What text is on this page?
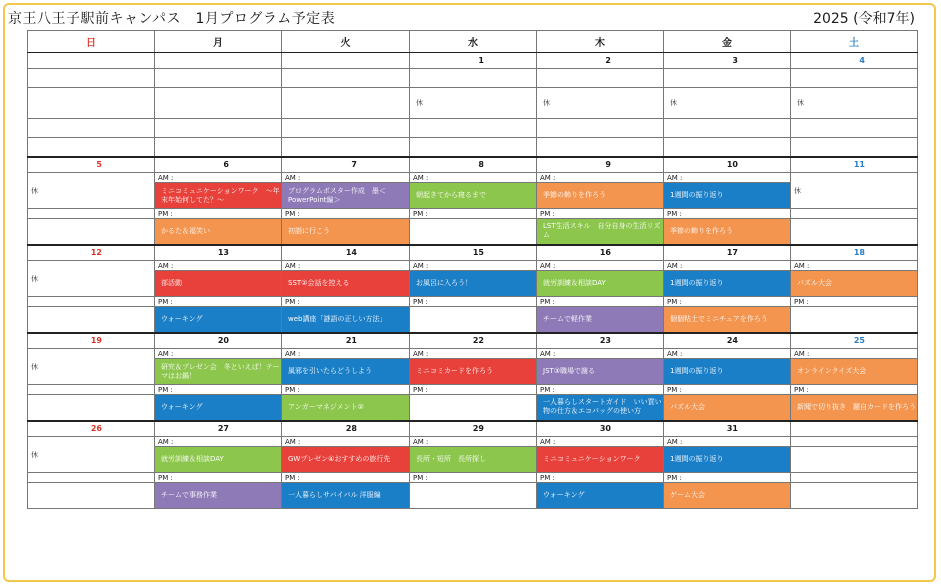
京王八王子駅前キャンパス　1月プログラム予定表	2025 (令和7年)
日	月	火	水	木	金	土
			1	2	3	4

			休	休	休	休

5	6	7	8	9	10	11
休	AM :	AM :	AM :	AM :	AM :	休
	ミニコミュニケーションワーク　～年末年始何してた？～	プログラムポスター作成　墨＜PowerPoint編＞	朝起きてから寝るまで	季節の飾りを作ろう	1週間の振り返り	
	PM :	PM :	PM :	PM :	PM :	
	かるた＆福笑い	初詣に行こう		LST生活スキル　自分自身の生活リズム	季節の飾りを作ろう	
12	13	14	15	16	17	18
休	AM :	AM :	AM :	AM :	AM :	AM :
	部活動	SST②会話を控える	お風呂に入ろう！	就労訓練＆相談DAY	1週間の振り返り	パズル大会
	PM :	PM :	PM :	PM :	PM :	PM :
	ウォーキング	web講座「謎語の正しい方法」		チームで軽作業	個個粘土でミニチュアを作ろう	
19	20	21	22	23	24	25
休	AM :	AM :	AM :	AM :	AM :	AM :
	研究＆プレゼン会　冬といえば！テーマはお鍋！	風邪を引いたらどうしよう	ミニコミカードを作ろう	JST③職場で謝る	1週間の振り返り	オンラインクイズ大会
	PM :	PM :	PM :	PM :	PM :	PM :
	ウォーキング	アンガーマネジメント②		一人暮らしスタートガイド　いい買い物の仕方＆エコバッグの使い方	パズル大会	新聞で切り抜き　題自カードを作ろう
26	27	28	29	30	31	
休	AM :	AM :	AM :	AM :	AM :	
	就労訓練＆相談DAY	GWプレゼン④おすすめの旅行先	長所・短所　長所探し	ミニコミュニケーションワーク	1週間の振り返り	
	PM :	PM :	PM :	PM :	PM :	
	チームで事務作業	一人暮らしサバイバル 洋服編		ウォーキング	ゲーム大会	
